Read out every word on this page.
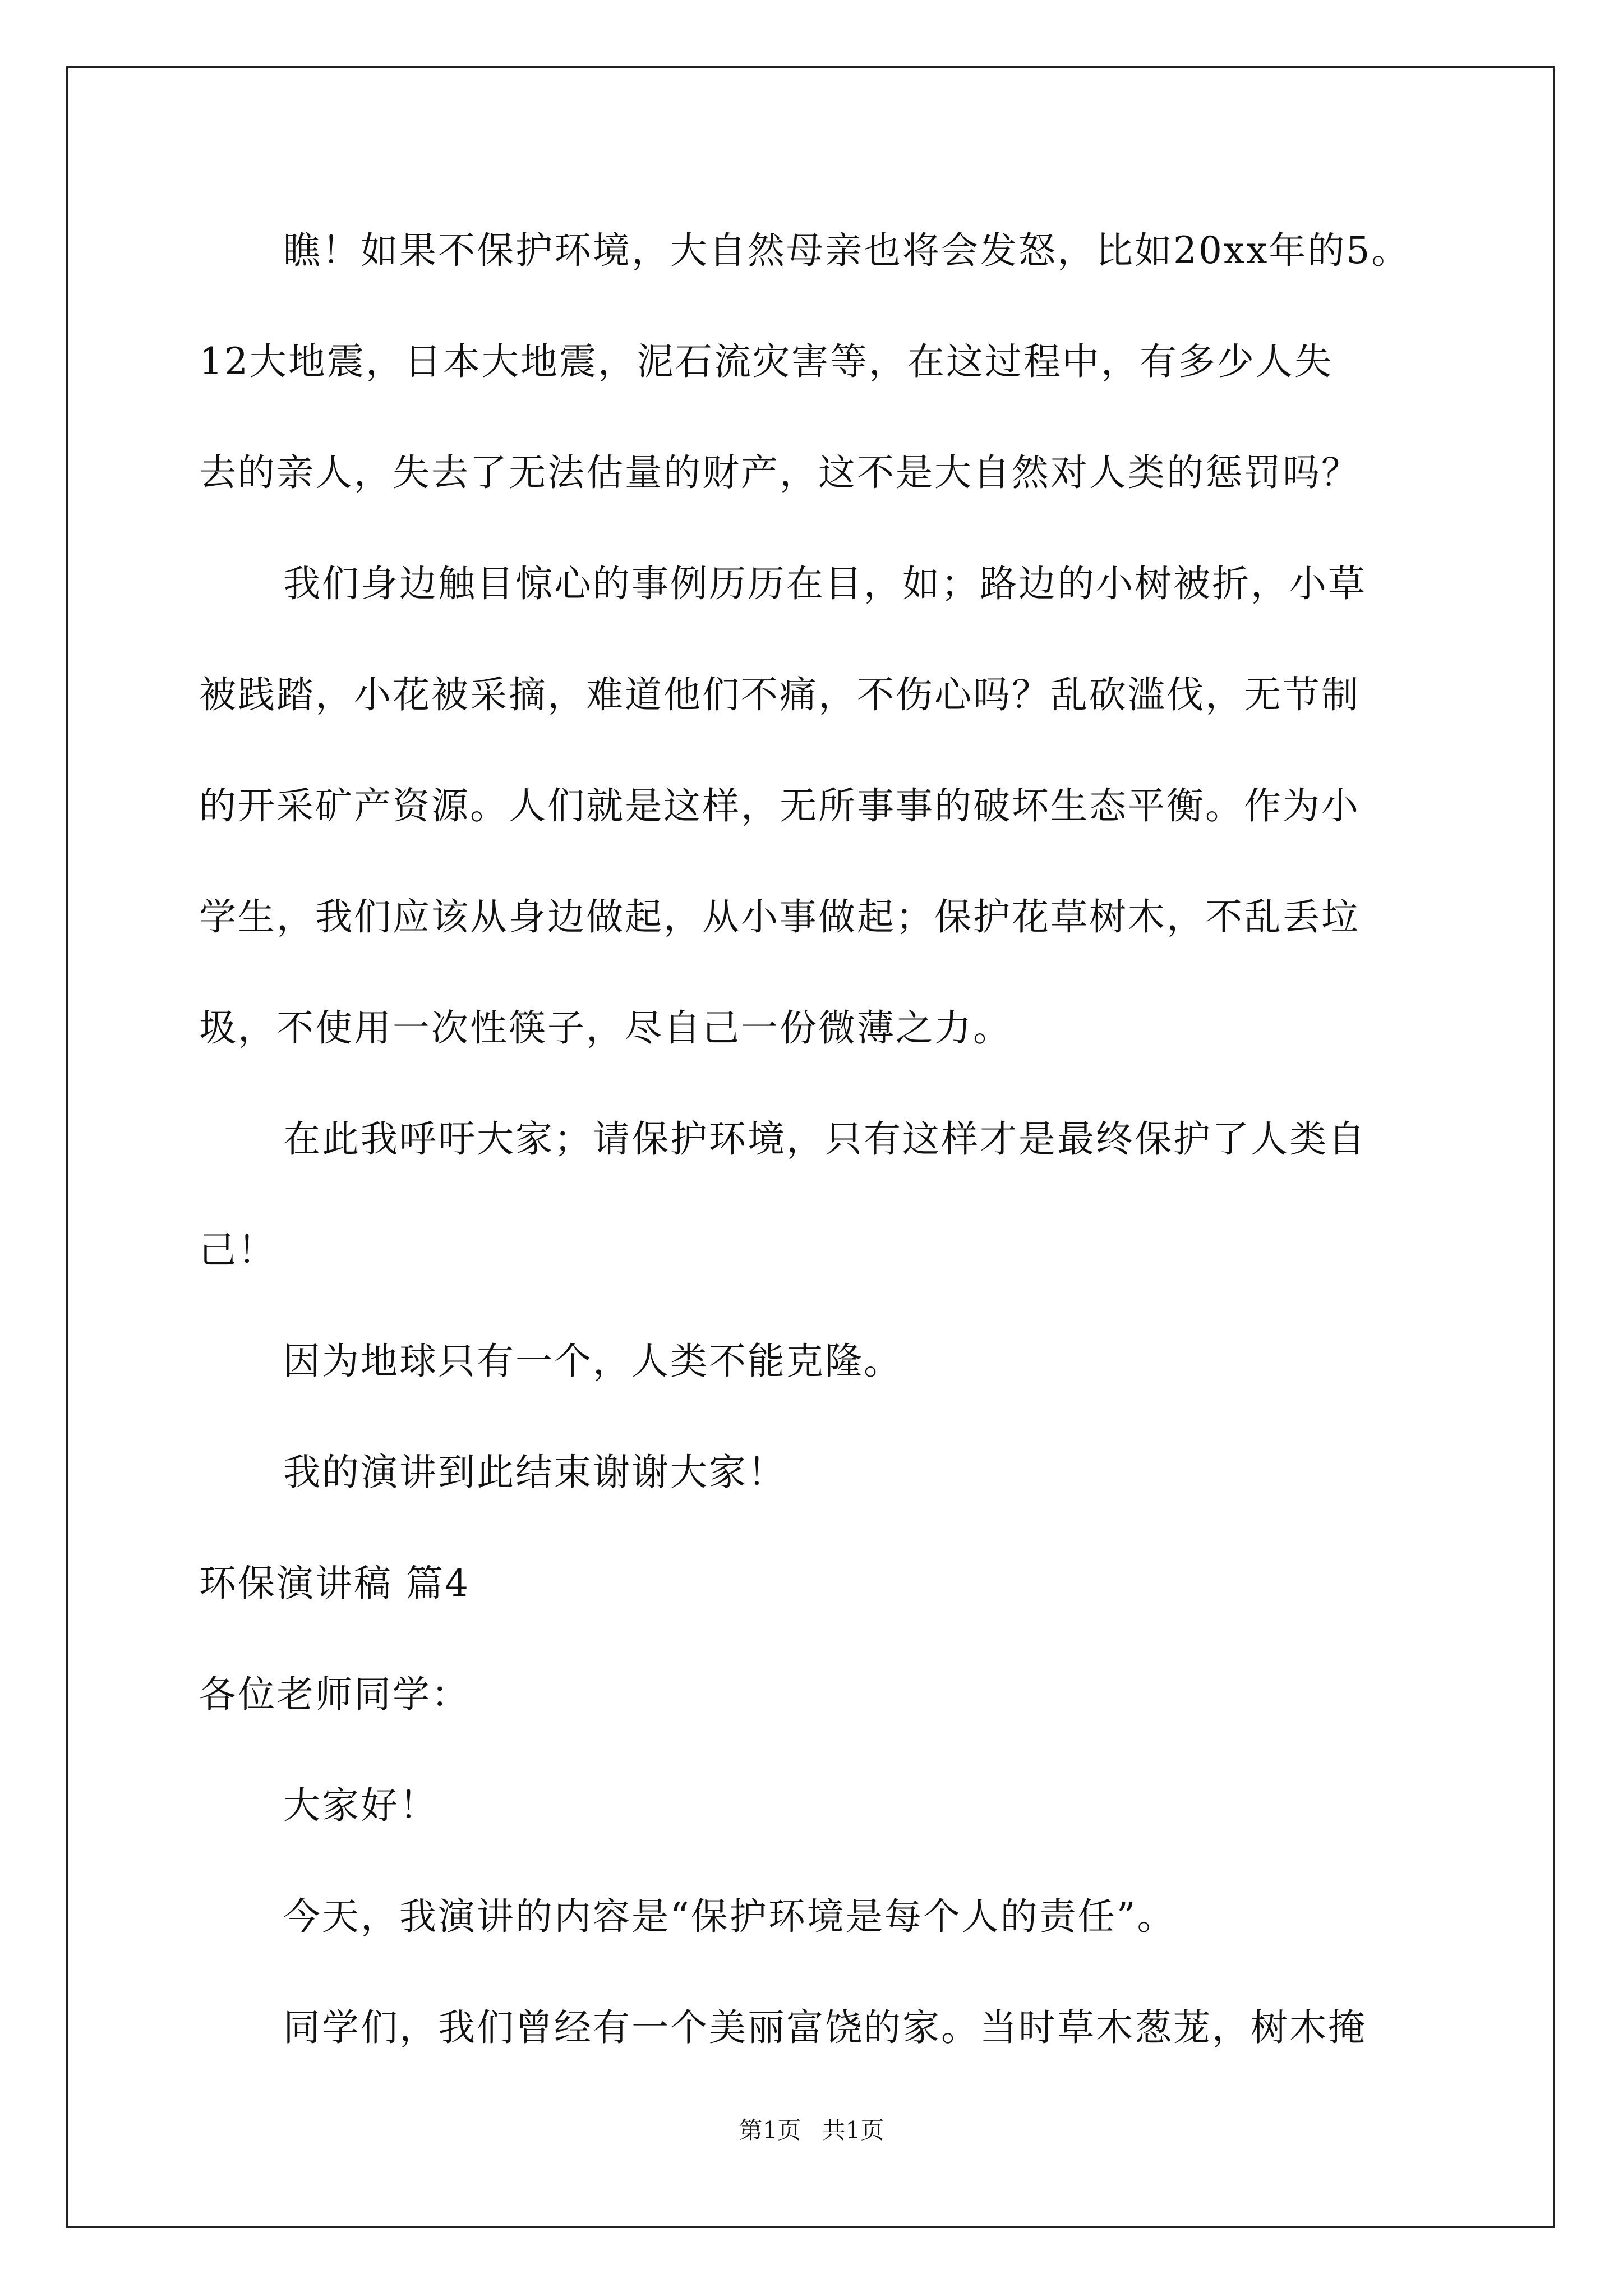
瞧！如果不保护环境，大自然母亲也将会发怒，比如20xx年的5。
12大地震，日本大地震，泥石流灾害等，在这过程中，有多少人失
去的亲人，失去了无法估量的财产，这不是大自然对人类的惩罚吗？
我们身边触目惊心的事例历历在目，如；路边的小树被折，小草
被践踏，小花被采摘，难道他们不痛，不伤心吗？乱砍滥伐，无节制
的开采矿产资源。人们就是这样，无所事事的破坏生态平衡。作为小
学生，我们应该从身边做起，从小事做起；保护花草树木，不乱丢垃
圾，不使用一次性筷子，尽自己一份微薄之力。
在此我呼吁大家；请保护环境，只有这样才是最终保护了人类自
己！
因为地球只有一个，人类不能克隆。
我的演讲到此结束谢谢大家！
环保演讲稿 篇4
各位老师同学：
大家好！
今天，我演讲的内容是“保护环境是每个人的责任”。
同学们，我们曾经有一个美丽富饶的家。当时草木葱茏，树木掩
第1页 共1页
